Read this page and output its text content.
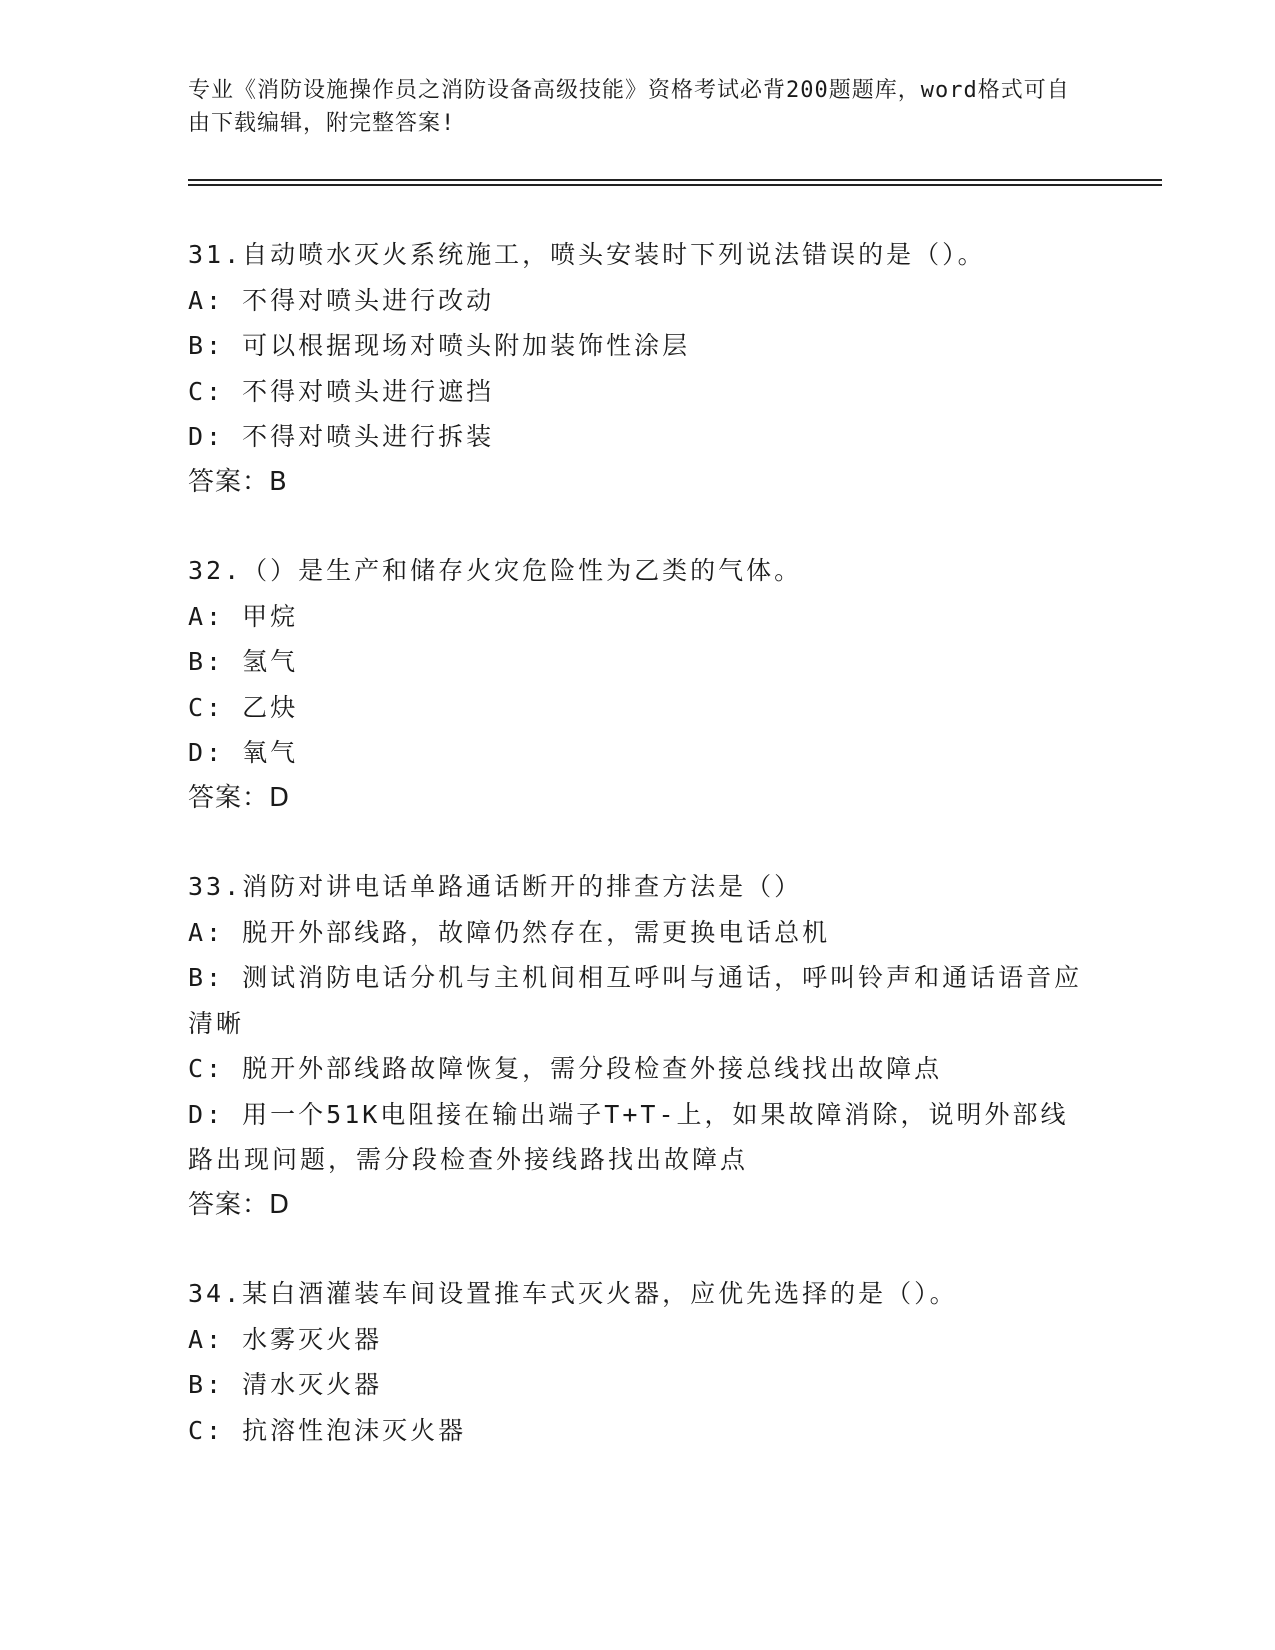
专业《消防设施操作员之消防设备高级技能》资格考试必背200题题库，word格式可自由下载编辑，附完整答案!

31.自动喷水灭火系统施工，喷头安装时下列说法错误的是（）。

A: 不得对喷头进行改动

B: 可以根据现场对喷头附加装饰性涂层

C: 不得对喷头进行遮挡

D: 不得对喷头进行拆装

答案：B

32.（）是生产和储存火灾危险性为乙类的气体。

A: 甲烷

B: 氢气

C: 乙炔

D: 氧气

答案：D

33.消防对讲电话单路通话断开的排查方法是（）

A: 脱开外部线路，故障仍然存在，需更换电话总机

B: 测试消防电话分机与主机间相互呼叫与通话，呼叫铃声和通话语音应清晰

C: 脱开外部线路故障恢复，需分段检查外接总线找出故障点

D: 用一个51K电阻接在输出端子T+T-上，如果故障消除，说明外部线路出现问题，需分段检查外接线路找出故障点

答案：D

34.某白酒灌装车间设置推车式灭火器，应优先选择的是（）。

A: 水雾灭火器

B: 清水灭火器

C: 抗溶性泡沫灭火器
